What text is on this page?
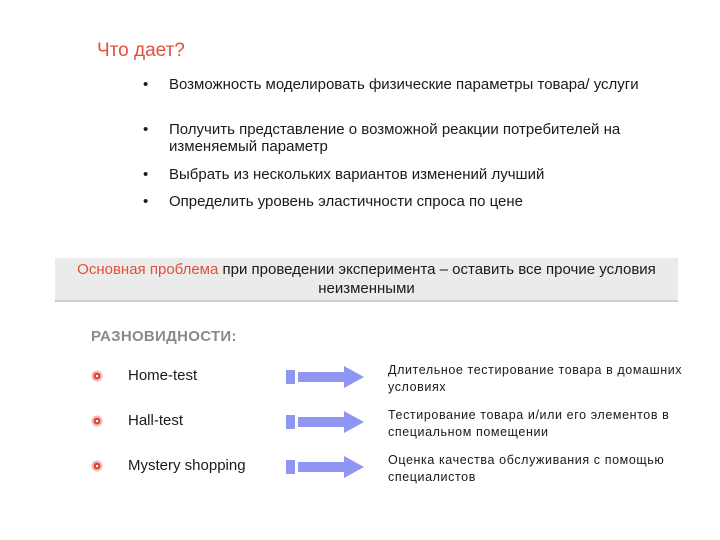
Что дает?
•	Возможность моделировать физические параметры товара/ услуги
•	Получить представление о возможной реакции потребителей на изменяемый параметр
•	Выбрать из нескольких вариантов изменений лучший
•	Определить уровень эластичности спроса по цене
Основная проблема при проведении эксперимента – оставить все прочие условия неизменными
РАЗНОВИДНОСТИ:
Home-test	Длительное тестирование товара в домашних условиях
Hall-test	Тестирование товара и/или его элементов в специальном помещении
Mystery shopping	Оценка качества обслуживания с помощью специалистов
